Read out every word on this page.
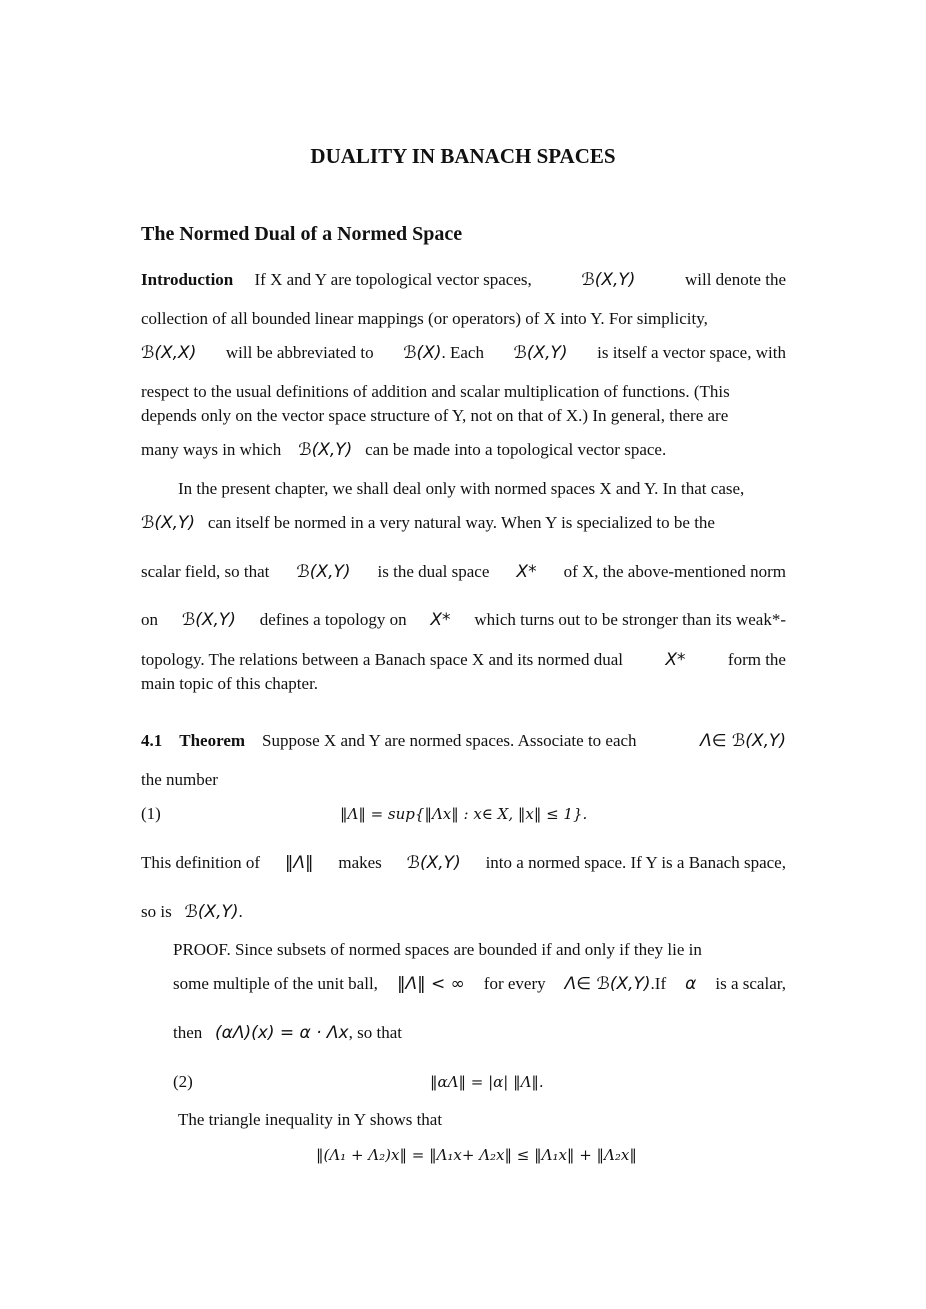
DUALITY IN BANACH SPACES
The Normed Dual of a Normed Space
Introduction If X and Y are topological vector spaces,	ℬ(X,Y)	will denote the
collection of all bounded linear mappings (or operators) of X into Y. For simplicity,
ℬ(X,X) will be abbreviated to ℬ(X). Each ℬ(X,Y) is itself a vector space, with
respect to the usual definitions of addition and scalar multiplication of functions. (This
depends only on the vector space structure of Y, not on that of X.) In general, there are
many ways in which ℬ(X,Y) can be made into a topological vector space.
In the present chapter, we shall deal only with normed spaces X and Y. In that case,
ℬ(X,Y) can itself be normed in a very natural way. When Y is specialized to be the
scalar field, so that ℬ(X,Y) is the dual space X* of X, the above-mentioned norm
on ℬ(X,Y) defines a topology on X* which turns out to be stronger than its weak*-
topology. The relations between a Banach space X and its normed dual X* form the
main topic of this chapter.
4.1 Theorem Suppose X and Y are normed spaces. Associate to each	Λ∈ ℬ(X,Y)
the number
(1)	‖Λ‖ = sup{‖Λx‖ : x∈ X, ‖x‖ ≤ 1}.
This definition of ‖Λ‖ makes ℬ(X,Y) into a normed space. If Y is a Banach space,
so is ℬ(X,Y).
PROOF. Since subsets of normed spaces are bounded if and only if they lie in
some multiple of the unit ball, ‖Λ‖ < ∞ for every Λ∈ ℬ(X,Y).If α is a scalar,
then (αΛ)(x) = α · Λx, so that
(2)	‖αΛ‖ = |α| ‖Λ‖.
The triangle inequality in Y shows that
‖(Λ₁ + Λ₂)x‖ = ‖Λ₁x+ Λ₂x‖ ≤ ‖Λ₁x‖ + ‖Λ₂x‖
